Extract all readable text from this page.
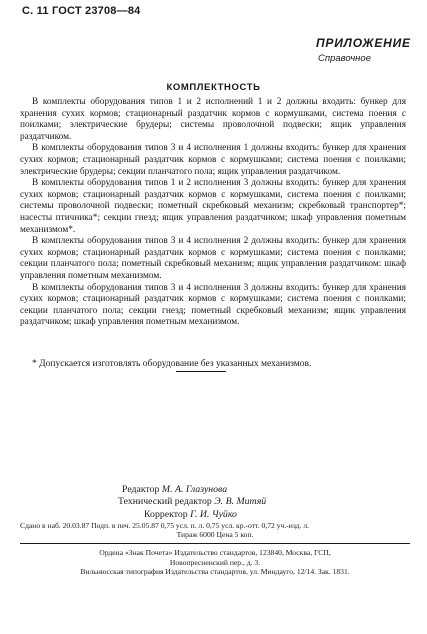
С. 11 ГОСТ 23708—84
ПРИЛОЖЕНИЕ
Справочное
КОМПЛЕКТНОСТЬ

В комплекты оборудования типов 1 и 2 исполнений 1 и 2 должны входить: бункер для хранения сухих кормов; стационарный раздатчик кормов с кормушками, система поения с поилками; электрические брудеры; системы проволочной подвески; ящик управления раздатчиком.

В комплекты оборудования типов 3 и 4 исполнения 1 должны входить: бункер для хранения сухих кормов; стационарный раздатчик кормов с кормушками; система поения с поилками; электрические брудеры; секции планчатого пола; ящик управления раздатчиком.

В комплекты оборудования типов 1 и 2 исполнения 3 должны входить: бункер для хранения сухих кормов; стационарный раздатчик кормов с кормушками, система поения с поилками; системы проволочной подвески; пометный скребковый механизм; скребковый транспортер*; насесты птичника*; секции гнезд; ящик управления раздатчиком; шкаф управления пометным механизмом*.

В комплекты оборудования типов 3 и 4 исполнения 2 должны входить: бункер для хранения сухих кормов; стационарный раздатчик кормов с кормушками; система поения с поилками; секции планчатого пола; пометный скребковый механизм; ящик управления раздатчиком: шкаф управления пометным механизмом.

В комплекты оборудования типов 3 и 4 исполнения 3 должны входить: бункер для хранения сухих кормов; стационарный раздатчик кормов с кормушками; система поения с поилками; секции планчатого пола; секции гнезд; пометный скребковый механизм; ящик управления раздатчиком; шкаф управления пометным механизмом.

* Допускается изготовлять оборудование без указанных механизмов.
Редактор М. А. Глазунова
Технический редактор Э. В. Митяй
Корректор Г. И. Чуйко
Сдано в наб. 20.03.87 Подп. в печ. 25.05.87 0,75 усл. п. л. 0,75 усл. кр.-отт. 0,72 уч.-изд. л.
Тираж 6000 Цена 5 коп.
Ордена «Знак Почета» Издательство стандартов, 123840, Москва, ГСП,
Новопресненский пер., д. 3.
Вильнюсская типография Издательства стандартов, ул. Миндауго, 12/14. Зак. 1831.
